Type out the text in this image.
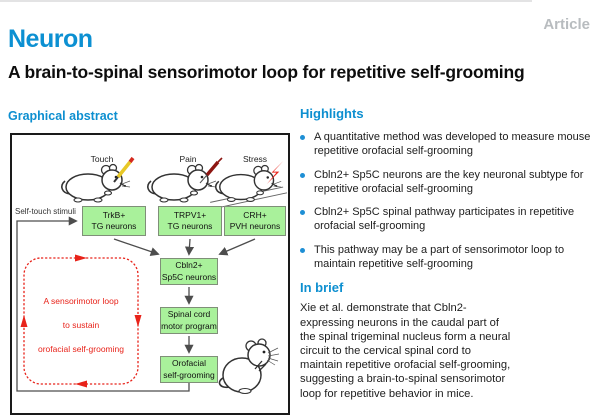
Neuron
Article
A brain-to-spinal sensorimotor loop for repetitive self-grooming
Graphical abstract
Touch	Pain	Stress
Self-touch stimuli	TrkB+
TG neurons
TRPV1+
TG neurons
CRH+
PVH neurons
Cbln2+
Sp5C neurons
Spinal cord
motor program
Orofacial
self-grooming
A sensorimotor loop
to sustain
orofacial self-grooming
Highlights
A quantitative method was developed to measure mouse repetitive orofacial self-grooming
Cbln2+ Sp5C neurons are the key neuronal subtype for repetitive orofacial self-grooming
Cbln2+ Sp5C spinal pathway participates in repetitive orofacial self-grooming
This pathway may be a part of sensorimotor loop to maintain repetitive self-grooming
In brief

Xie et al. demonstrate that Cbln2-expressing neurons in the caudal part of the spinal trigeminal nucleus form a neural circuit to the cervical spinal cord to maintain repetitive orofacial self-grooming, suggesting a brain-to-spinal sensorimotor loop for repetitive behavior in mice.
